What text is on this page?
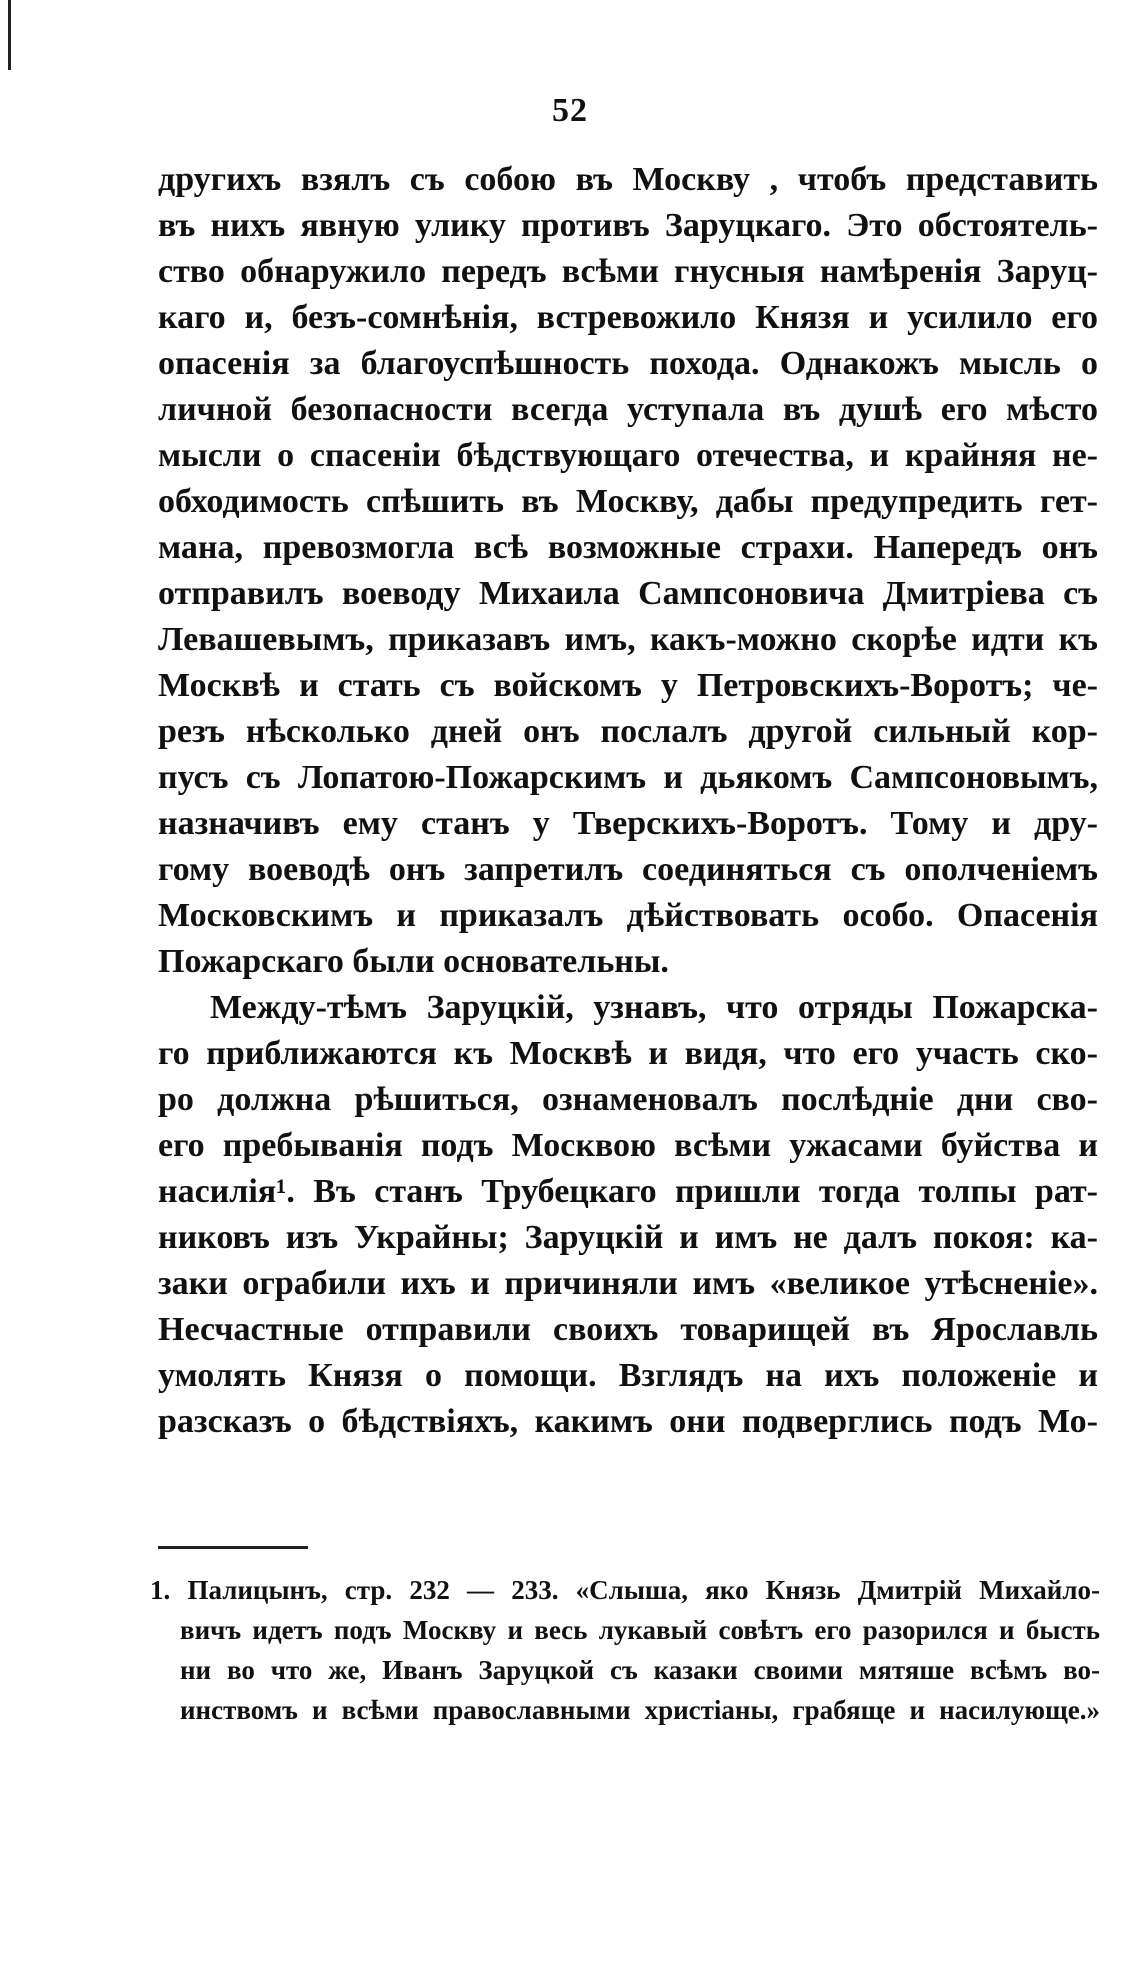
52
другихъ взялъ съ собою въ Москву , чтобъ представить
въ нихъ явную улику противъ Заруцкаго. Это обстоятель-
ство обнаружило передъ всѣми гнусныя намѣренія Заруц-
каго и, безъ-сомнѣнія, встревожило Князя и усилило его
опасенія за благоуспѣшность похода. Однакожъ мысль о
личной безопасности всегда уступала въ душѣ его мѣсто
мысли о спасеніи бѣдствующаго отечества, и крайняя не-
обходимость спѣшить въ Москву, дабы предупредить гет-
мана, превозмогла всѣ возможные страхи. Напередъ онъ
отправилъ воеводу Михаила Сампсоновича Дмитріева съ
Левашевымъ, приказавъ имъ, какъ-можно скорѣе идти къ
Москвѣ и стать съ войскомъ у Петровскихъ-Воротъ; че-
резъ нѣсколько дней онъ послалъ другой сильный кор-
пусъ съ Лопатою-Пожарскимъ и дьякомъ Сампсоновымъ,
назначивъ ему станъ у Тверскихъ-Воротъ. Тому и дру-
гому воеводѣ онъ запретилъ соединяться съ ополченіемъ
Московскимъ и приказалъ дѣйствовать особо. Опасенія
Пожарскаго были основательны.
Между-тѣмъ Заруцкій, узнавъ, что отряды Пожарска-
го приближаются къ Москвѣ и видя, что его участь ско-
ро должна рѣшиться, ознаменовалъ послѣдніе дни сво-
его пребыванія подъ Москвою всѣми ужасами буйства и
насилія¹. Въ станъ Трубецкаго пришли тогда толпы рат-
никовъ изъ Украйны; Заруцкій и имъ не далъ покоя: ка-
заки ограбили ихъ и причиняли имъ «великое утѣсненіе».
Несчастные отправили своихъ товарищей въ Ярославль
умолять Князя о помощи. Взглядъ на ихъ положеніе и
разсказъ о бѣдствіяхъ, какимъ они подверглись подъ Мо-
1. Палицынъ, стр. 232 — 233. «Слыша, яко Князь Дмитрій Михайло-
вичъ идетъ подъ Москву и весь лукавый совѣтъ его разорился и бысть
ни во что же, Иванъ Заруцкой съ казаки своими мятяше всѣмъ во-
инствомъ и всѣми православными христіаны, грабяще и насилующе.»
